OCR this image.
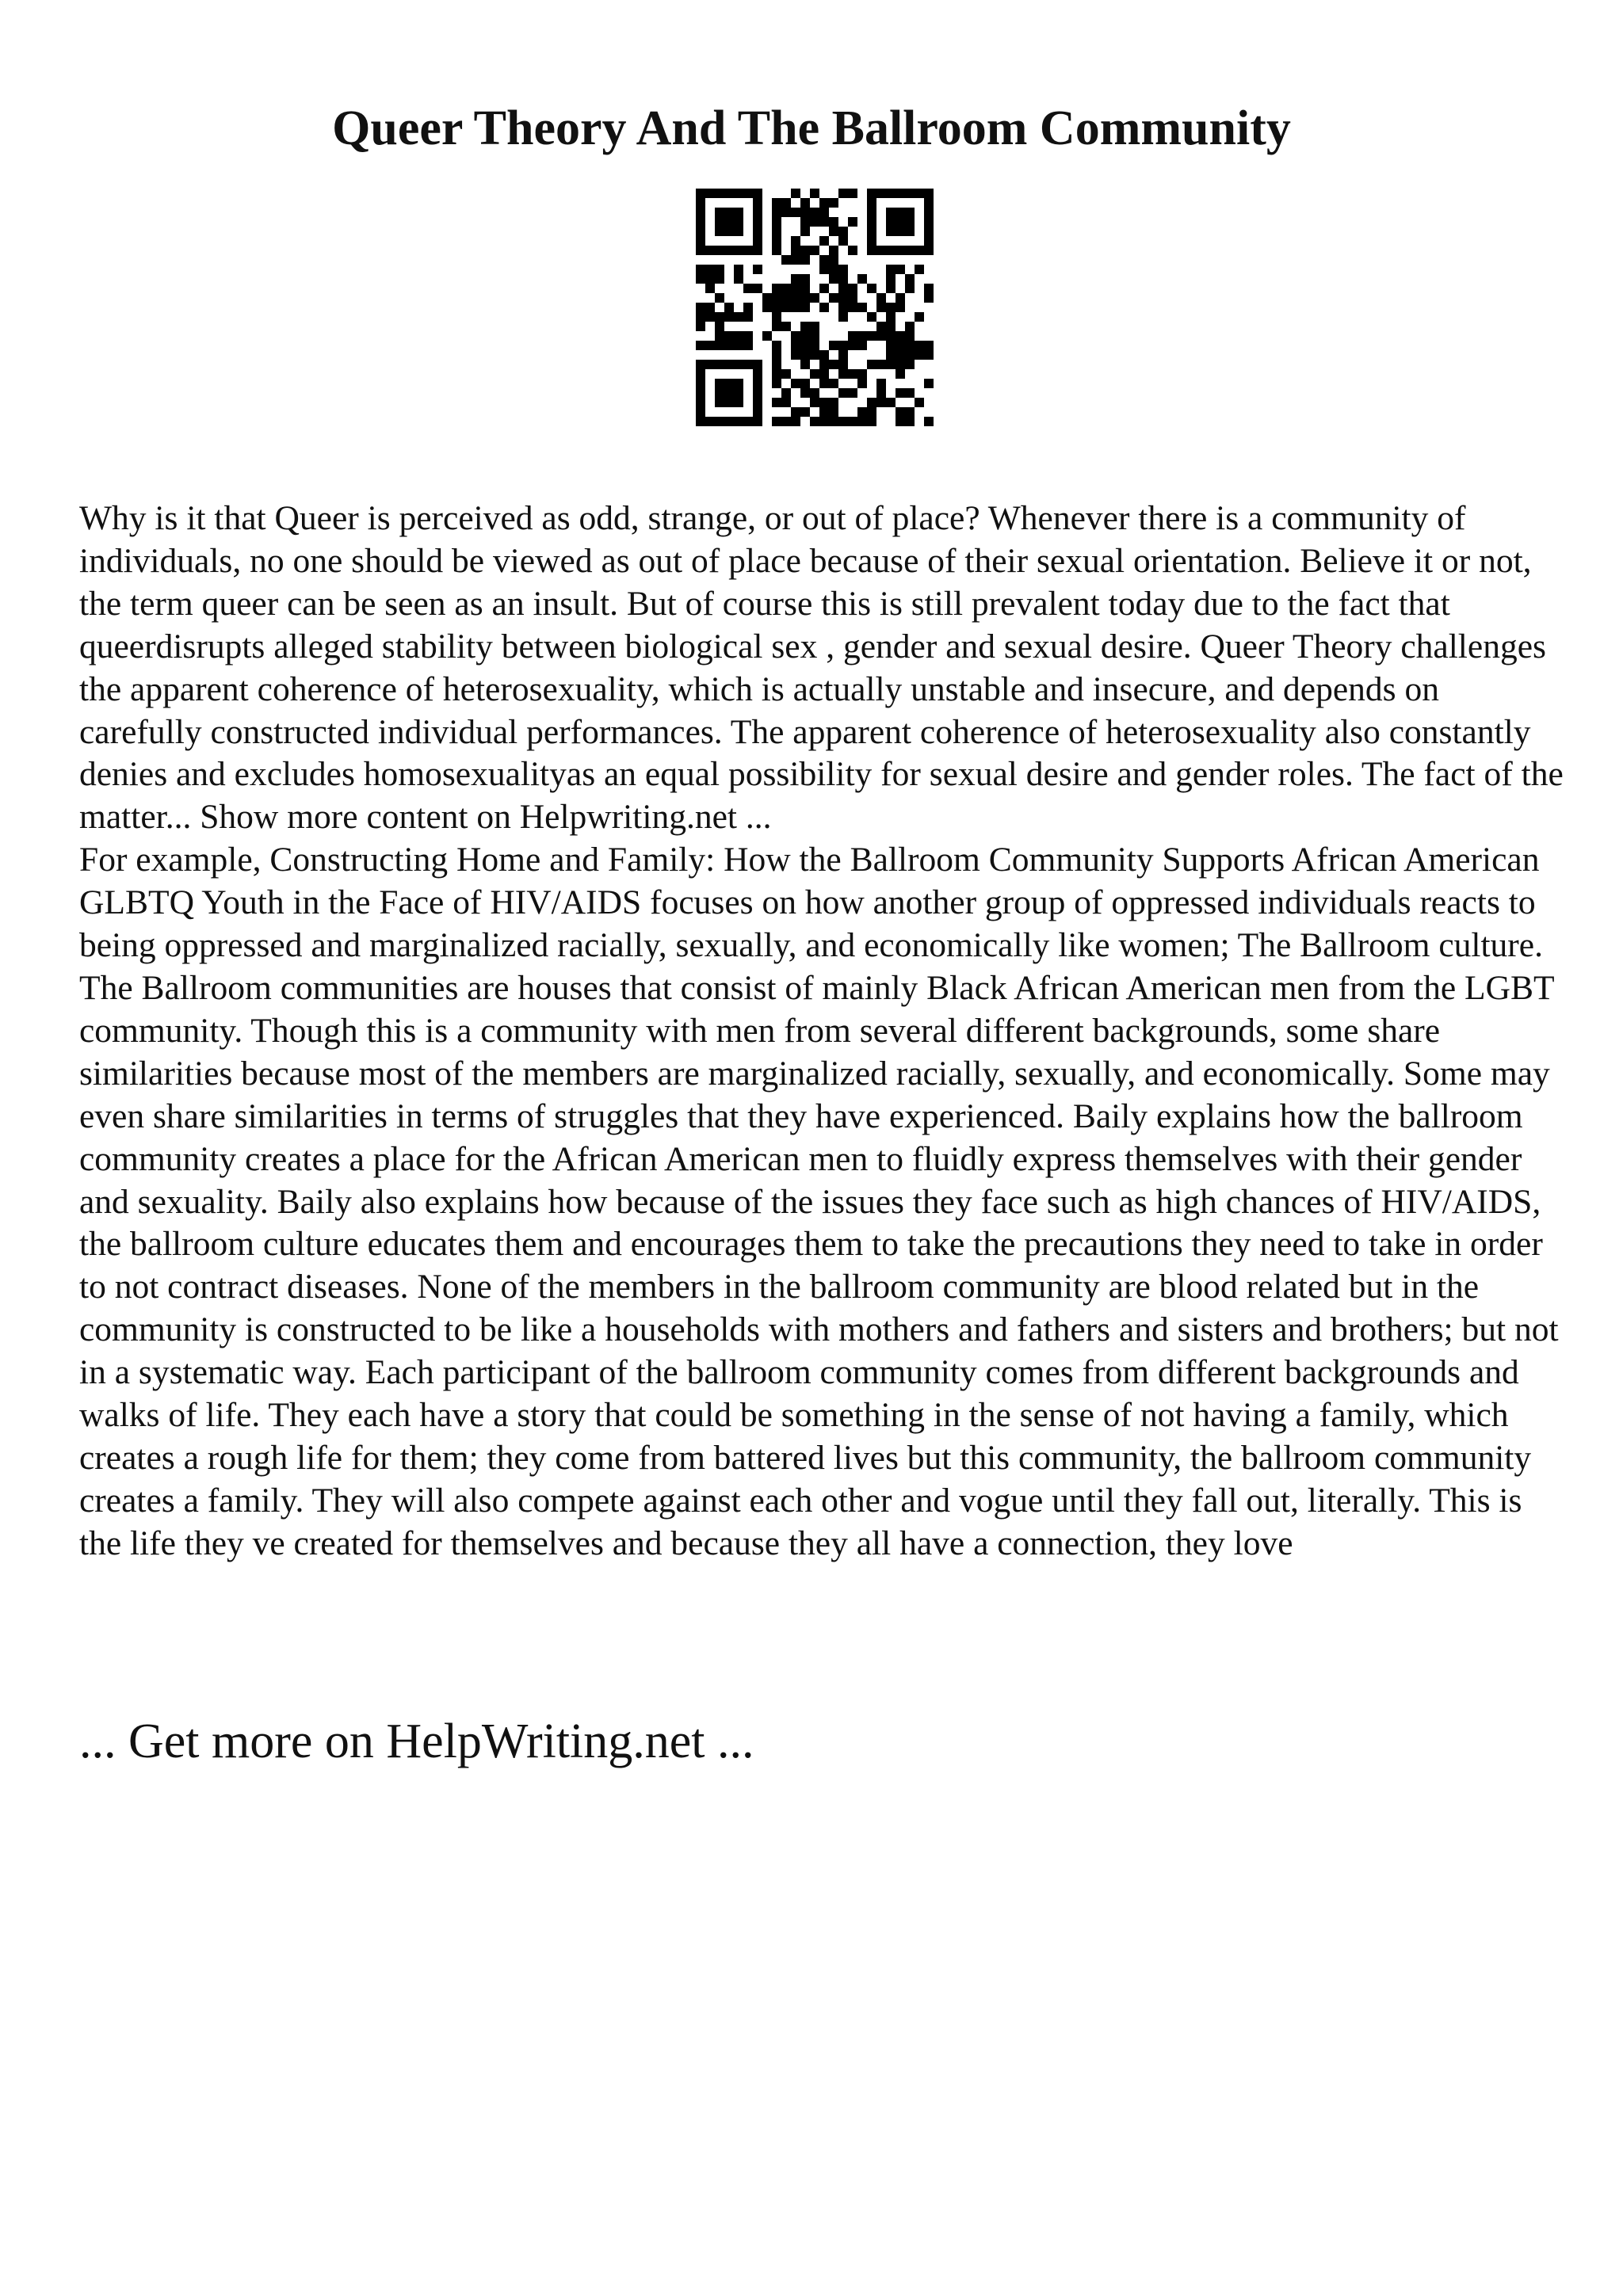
Queer Theory And The Ballroom Community

Why is it that Queer is perceived as odd, strange, or out of place? Whenever there is a community of individuals, no one should be viewed as out of place because of their sexual orientation. Believe it or not, the term queer can be seen as an insult. But of course this is still prevalent today due to the fact that queerdisrupts alleged stability between biological sex , gender and sexual desire. Queer Theory challenges the apparent coherence of heterosexuality, which is actually unstable and insecure, and depends on carefully constructed individual performances. The apparent coherence of heterosexuality also constantly denies and excludes homosexualityas an equal possibility for sexual desire and gender roles. The fact of the matter... Show more content on Helpwriting.net ...

For example, Constructing Home and Family: How the Ballroom Community Supports African American GLBTQ Youth in the Face of HIV/AIDS focuses on how another group of oppressed individuals reacts to being oppressed and marginalized racially, sexually, and economically like women; The Ballroom culture. The Ballroom communities are houses that consist of mainly Black African American men from the LGBT community. Though this is a community with men from several different backgrounds, some share similarities because most of the members are marginalized racially, sexually, and economically. Some may even share similarities in terms of struggles that they have experienced. Baily explains how the ballroom community creates a place for the African American men to fluidly express themselves with their gender and sexuality. Baily also explains how because of the issues they face such as high chances of HIV/AIDS, the ballroom culture educates them and encourages them to take the precautions they need to take in order to not contract diseases. None of the members in the ballroom community are blood related but in the community is constructed to be like a households with mothers and fathers and sisters and brothers; but not in a systematic way. Each participant of the ballroom community comes from different backgrounds and walks of life. They each have a story that could be something in the sense of not having a family, which creates a rough life for them; they come from battered lives but this community, the ballroom community creates a family. They will also compete against each other and vogue until they fall out, literally. This is the life they ve created for themselves and because they all have a connection, they love

... Get more on HelpWriting.net ...
